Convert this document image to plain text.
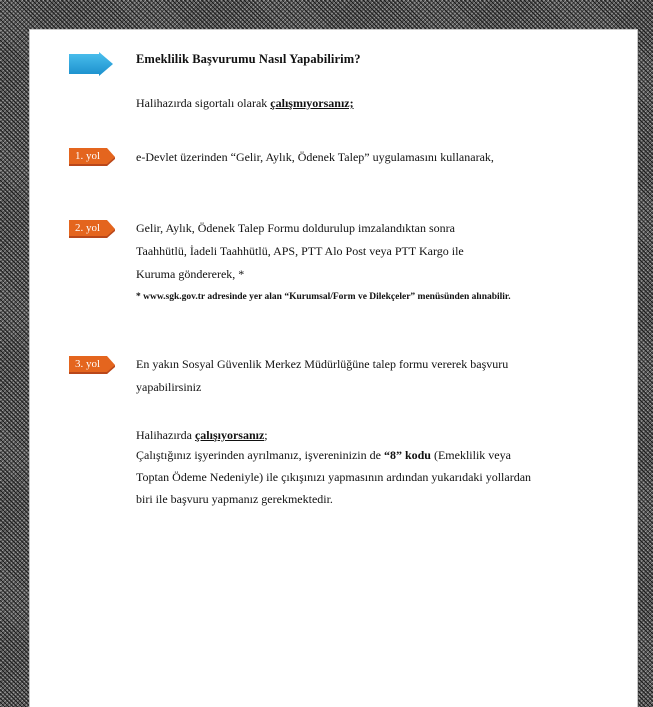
Emeklilik Başvurumu Nasıl Yapabilirim?
Halihazırda sigortalı olarak çalışmıyorsanız;
1. yol	e-Devlet üzerinden “Gelir, Aylık, Ödenek Talep” uygulamasını kullanarak,
2. yol	Gelir, Aylık, Ödenek Talep Formu doldurulup imzalandıktan sonra
Taahhütlü, İadeli Taahhütlü, APS, PTT Alo Post veya PTT Kargo ile
Kuruma göndererek, *
* www.sgk.gov.tr adresinde yer alan “Kurumsal/Form ve Dilekçeler” menüsünden alınabilir.
3. yol	En yakın Sosyal Güvenlik Merkez Müdürlüğüne talep formu vererek başvuru
yapabilirsiniz
Halihazırda çalışıyorsanız;
Çalıştığınız işyerinden ayrılmanız, işvereninizin de “8” kodu (Emeklilik veya
Toptan Ödeme Nedeniyle) ile çıkışınızı yapmasının ardından yukarıdaki yollardan
biri ile başvuru yapmanız gerekmektedir.
